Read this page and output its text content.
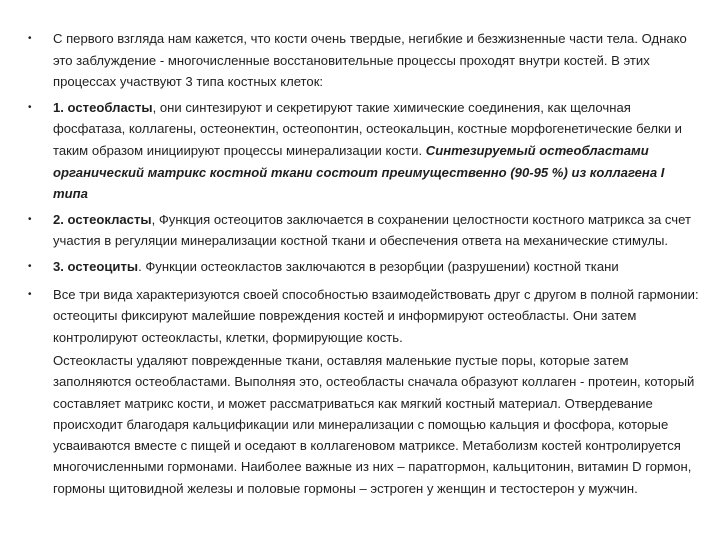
• С первого взгляда нам кажется, что кости очень твердые, негибкие и безжизненные части тела. Однако это заблуждение - многочисленные восстановительные процессы проходят внутри костей. В этих процессах участвуют 3 типа костных клеток:
• 1. остеобласты, они синтезируют и секретируют такие химические соединения, как щелочная фосфатаза, коллагены, остеонектин, остеопонтин, остеокальцин, костные морфогенетические белки и таким образом инициируют процессы минерализации кости. Синтезируемый остеобластами органический матрикс костной ткани состоит преимущественно (90-95 %) из коллагена I типа
• 2. остеокласты, Функция остеоцитов заключается в сохранении целостности костного матрикса за счет участия в регуляции минерализации костной ткани и обеспечения ответа на механические стимулы.
• 3. остеоциты. Функции остеокластов заключаются в резорбции (разрушении) костной ткани
• Все три вида характеризуются своей способностью взаимодействовать друг с другом в полной гармонии: остеоциты фиксируют малейшие повреждения костей и информируют остеобласты. Они затем контролируют остеокласты, клетки, формирующие кость.

Остеокласты удаляют поврежденные ткани, оставляя маленькие пустые поры, которые затем заполняются остеобластами. Выполняя это, остеобласты сначала образуют коллаген - протеин, который составляет матрикс кости, и может рассматриваться как мягкий костный материал. Отвердевание происходит благодаря кальцификации или минерализации с помощью кальция и фосфора, которые усваиваются вместе с пищей и оседают в коллагеновом матриксе. Метаболизм костей контролируется многочисленными гормонами. Наиболее важные из них – паратгормон, кальцитонин, витамин D гормон, гормоны щитовидной железы и половые гормоны – эстроген у женщин и тестостерон у мужчин.
